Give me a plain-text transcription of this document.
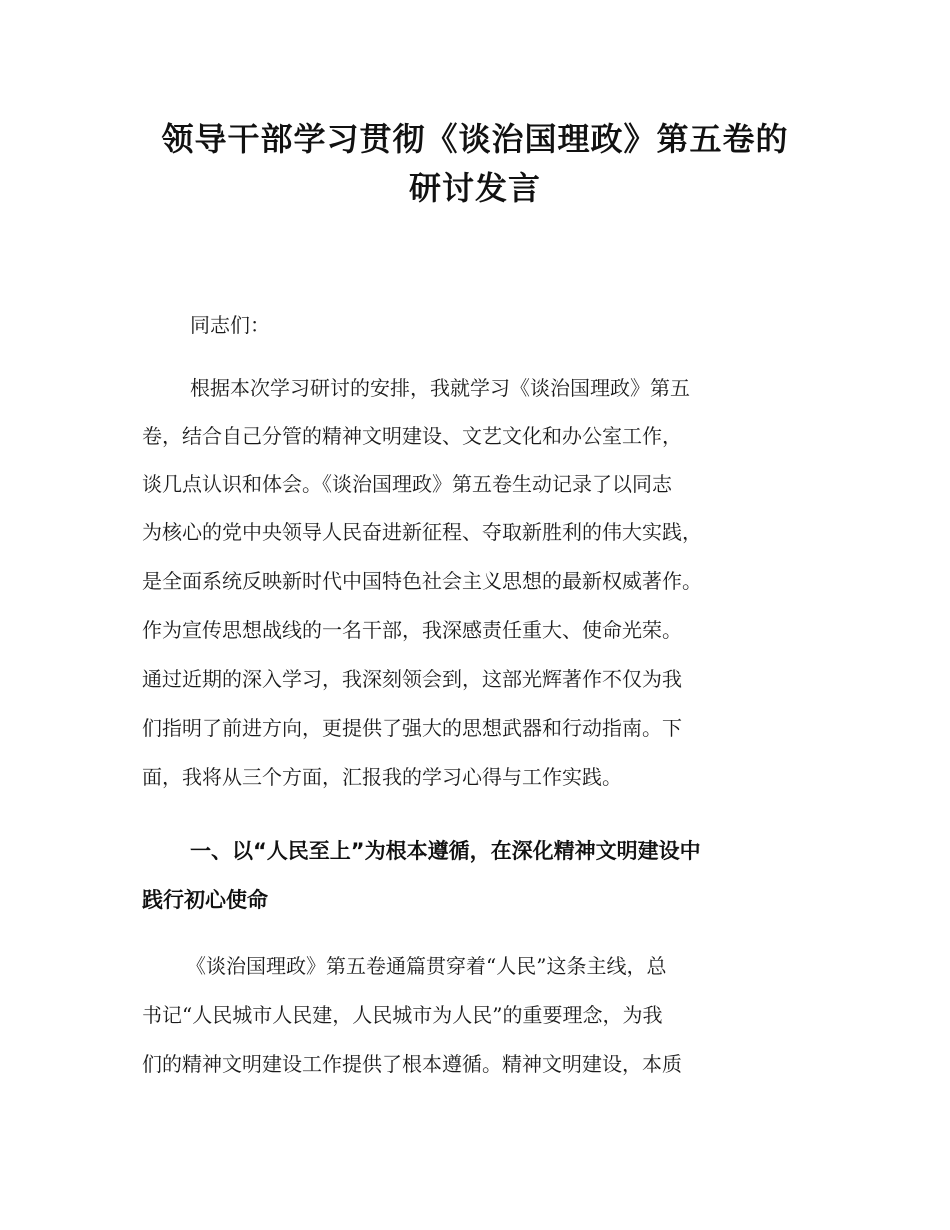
领导干部学习贯彻《谈治国理政》第五卷的
研讨发言
同志们：
根据本次学习研讨的安排，我就学习《谈治国理政》第五
卷，结合自己分管的精神文明建设、文艺文化和办公室工作，
谈几点认识和体会。《谈治国理政》第五卷生动记录了以同志
为核心的党中央领导人民奋进新征程、夺取新胜利的伟大实践，
是全面系统反映新时代中国特色社会主义思想的最新权威著作。
作为宣传思想战线的一名干部，我深感责任重大、使命光荣。
通过近期的深入学习，我深刻领会到，这部光辉著作不仅为我
们指明了前进方向，更提供了强大的思想武器和行动指南。下
面，我将从三个方面，汇报我的学习心得与工作实践。
一、以“人民至上”为根本遵循，在深化精神文明建设中
践行初心使命
《谈治国理政》第五卷通篇贯穿着“人民”这条主线，总
书记“人民城市人民建，人民城市为人民”的重要理念，为我
们的精神文明建设工作提供了根本遵循。精神文明建设，本质
